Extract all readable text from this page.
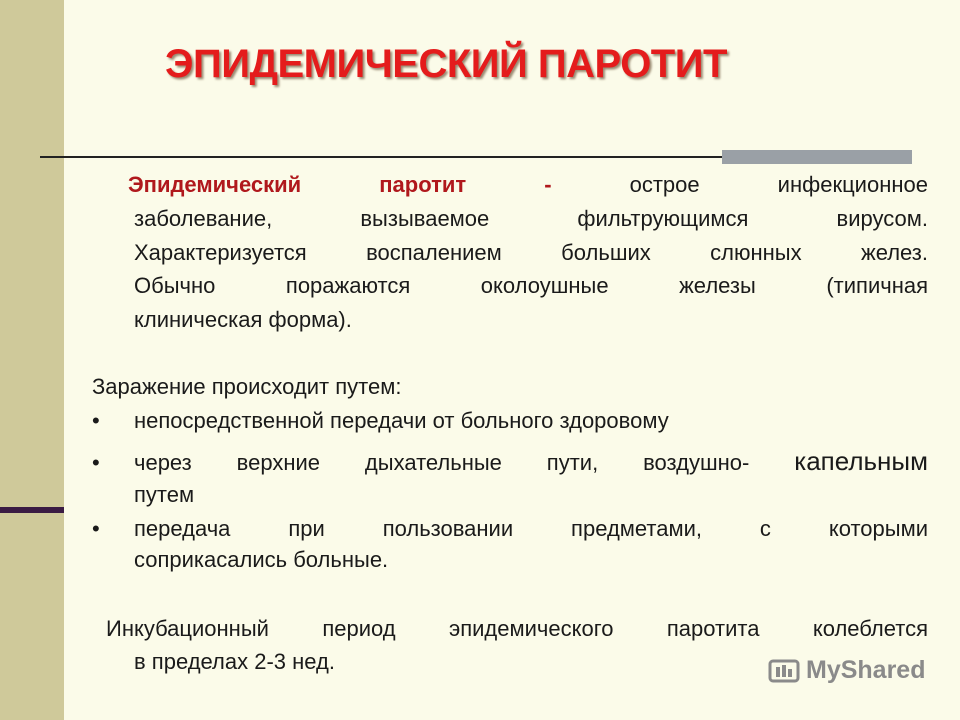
ЭПИДЕМИЧЕСКИЙ ПАРОТИТ
Эпидемический паротит -	острое инфекционное
заболевание, вызываемое фильтрующимся вирусом.
Характеризуется воспалением больших слюнных желез.
Обычно поражаются околоушные железы (типичная
клиническая форма).
Заражение происходит путем:
• непосредственной передачи от больного здоровому
• через верхние дыхательные пути, воздушно- капельным
путем
• передача при пользовании предметами, с которыми
соприкасались больные.
Инкубационный период эпидемического паротита колеблется
в пределах 2-3 нед.	MyShared
